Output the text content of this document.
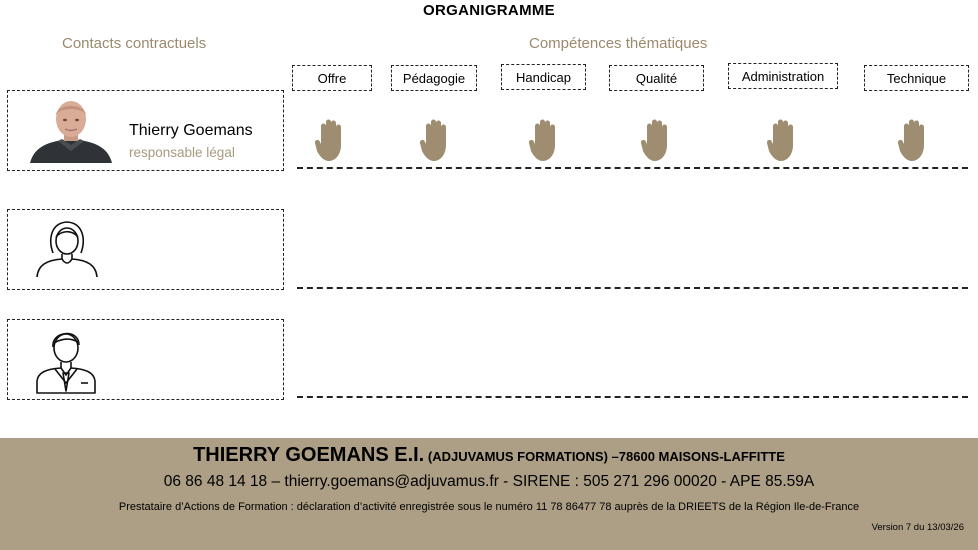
ORGANIGRAMME
Contacts contractuels	Compétences thématiques
Offre	Pédagogie	Handicap	Qualité	Administration	Technique
Thierry Goemans
responsable légal
THIERRY GOEMANS E.I. (ADJUVAMUS FORMATIONS) –78600 MAISONS-LAFFITTE
06 86 48 14 18 – thierry.goemans@adjuvamus.fr - SIRENE : 505 271 296 00020 - APE 85.59A
Prestataire d’Actions de Formation : déclaration d’activité enregistrée sous le numéro 11 78 86477 78 auprès de la DRIEETS de la Région Ile-de-France
Version 7 du 13/03/26
